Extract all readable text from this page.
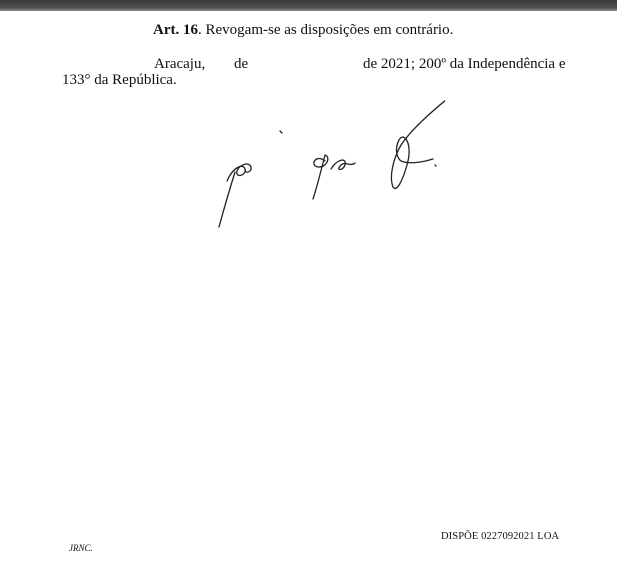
Art. 16. Revogam-se as disposições em contrário.
Aracaju, de	de 2021; 200º da Independência e
133° da República.
DISPÕE 0227092021 LOA
JRNC.
